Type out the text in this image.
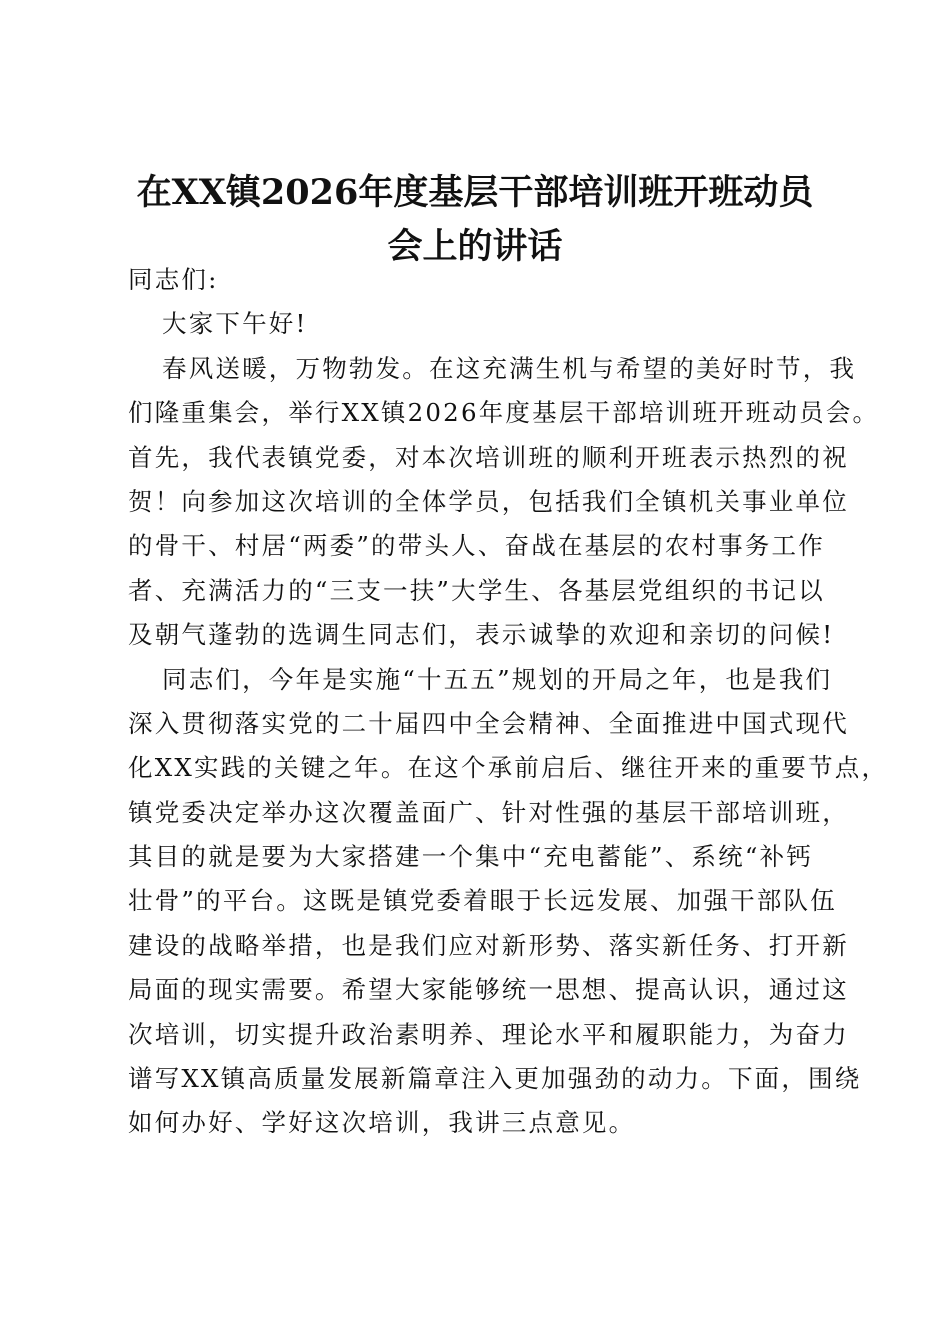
在XX镇2026年度基层干部培训班开班动员
会上的讲话
同志们:
大家下午好!
春风送暖，万物勃发。在这充满生机与希望的美好时节，我
们隆重集会，举行XX镇2026年度基层干部培训班开班动员会。
首先，我代表镇党委，对本次培训班的顺利开班表示热烈的祝
贺！向参加这次培训的全体学员，包括我们全镇机关事业单位
的骨干、村居“两委”的带头人、奋战在基层的农村事务工作
者、充满活力的“三支一扶”大学生、各基层党组织的书记以
及朝气蓬勃的选调生同志们，表示诚挚的欢迎和亲切的问候!
同志们，今年是实施“十五五”规划的开局之年，也是我们
深入贯彻落实党的二十届四中全会精神、全面推进中国式现代
化XX实践的关键之年。在这个承前启后、继往开来的重要节点，
镇党委决定举办这次覆盖面广、针对性强的基层干部培训班，
其目的就是要为大家搭建一个集中“充电蓄能”、系统“补钙
壮骨”的平台。这既是镇党委着眼于长远发展、加强干部队伍
建设的战略举措，也是我们应对新形势、落实新任务、打开新
局面的现实需要。希望大家能够统一思想、提高认识，通过这
次培训，切实提升政治素明养、理论水平和履职能力，为奋力
谱写XX镇高质量发展新篇章注入更加强劲的动力。下面，围绕
如何办好、学好这次培训，我讲三点意见。
